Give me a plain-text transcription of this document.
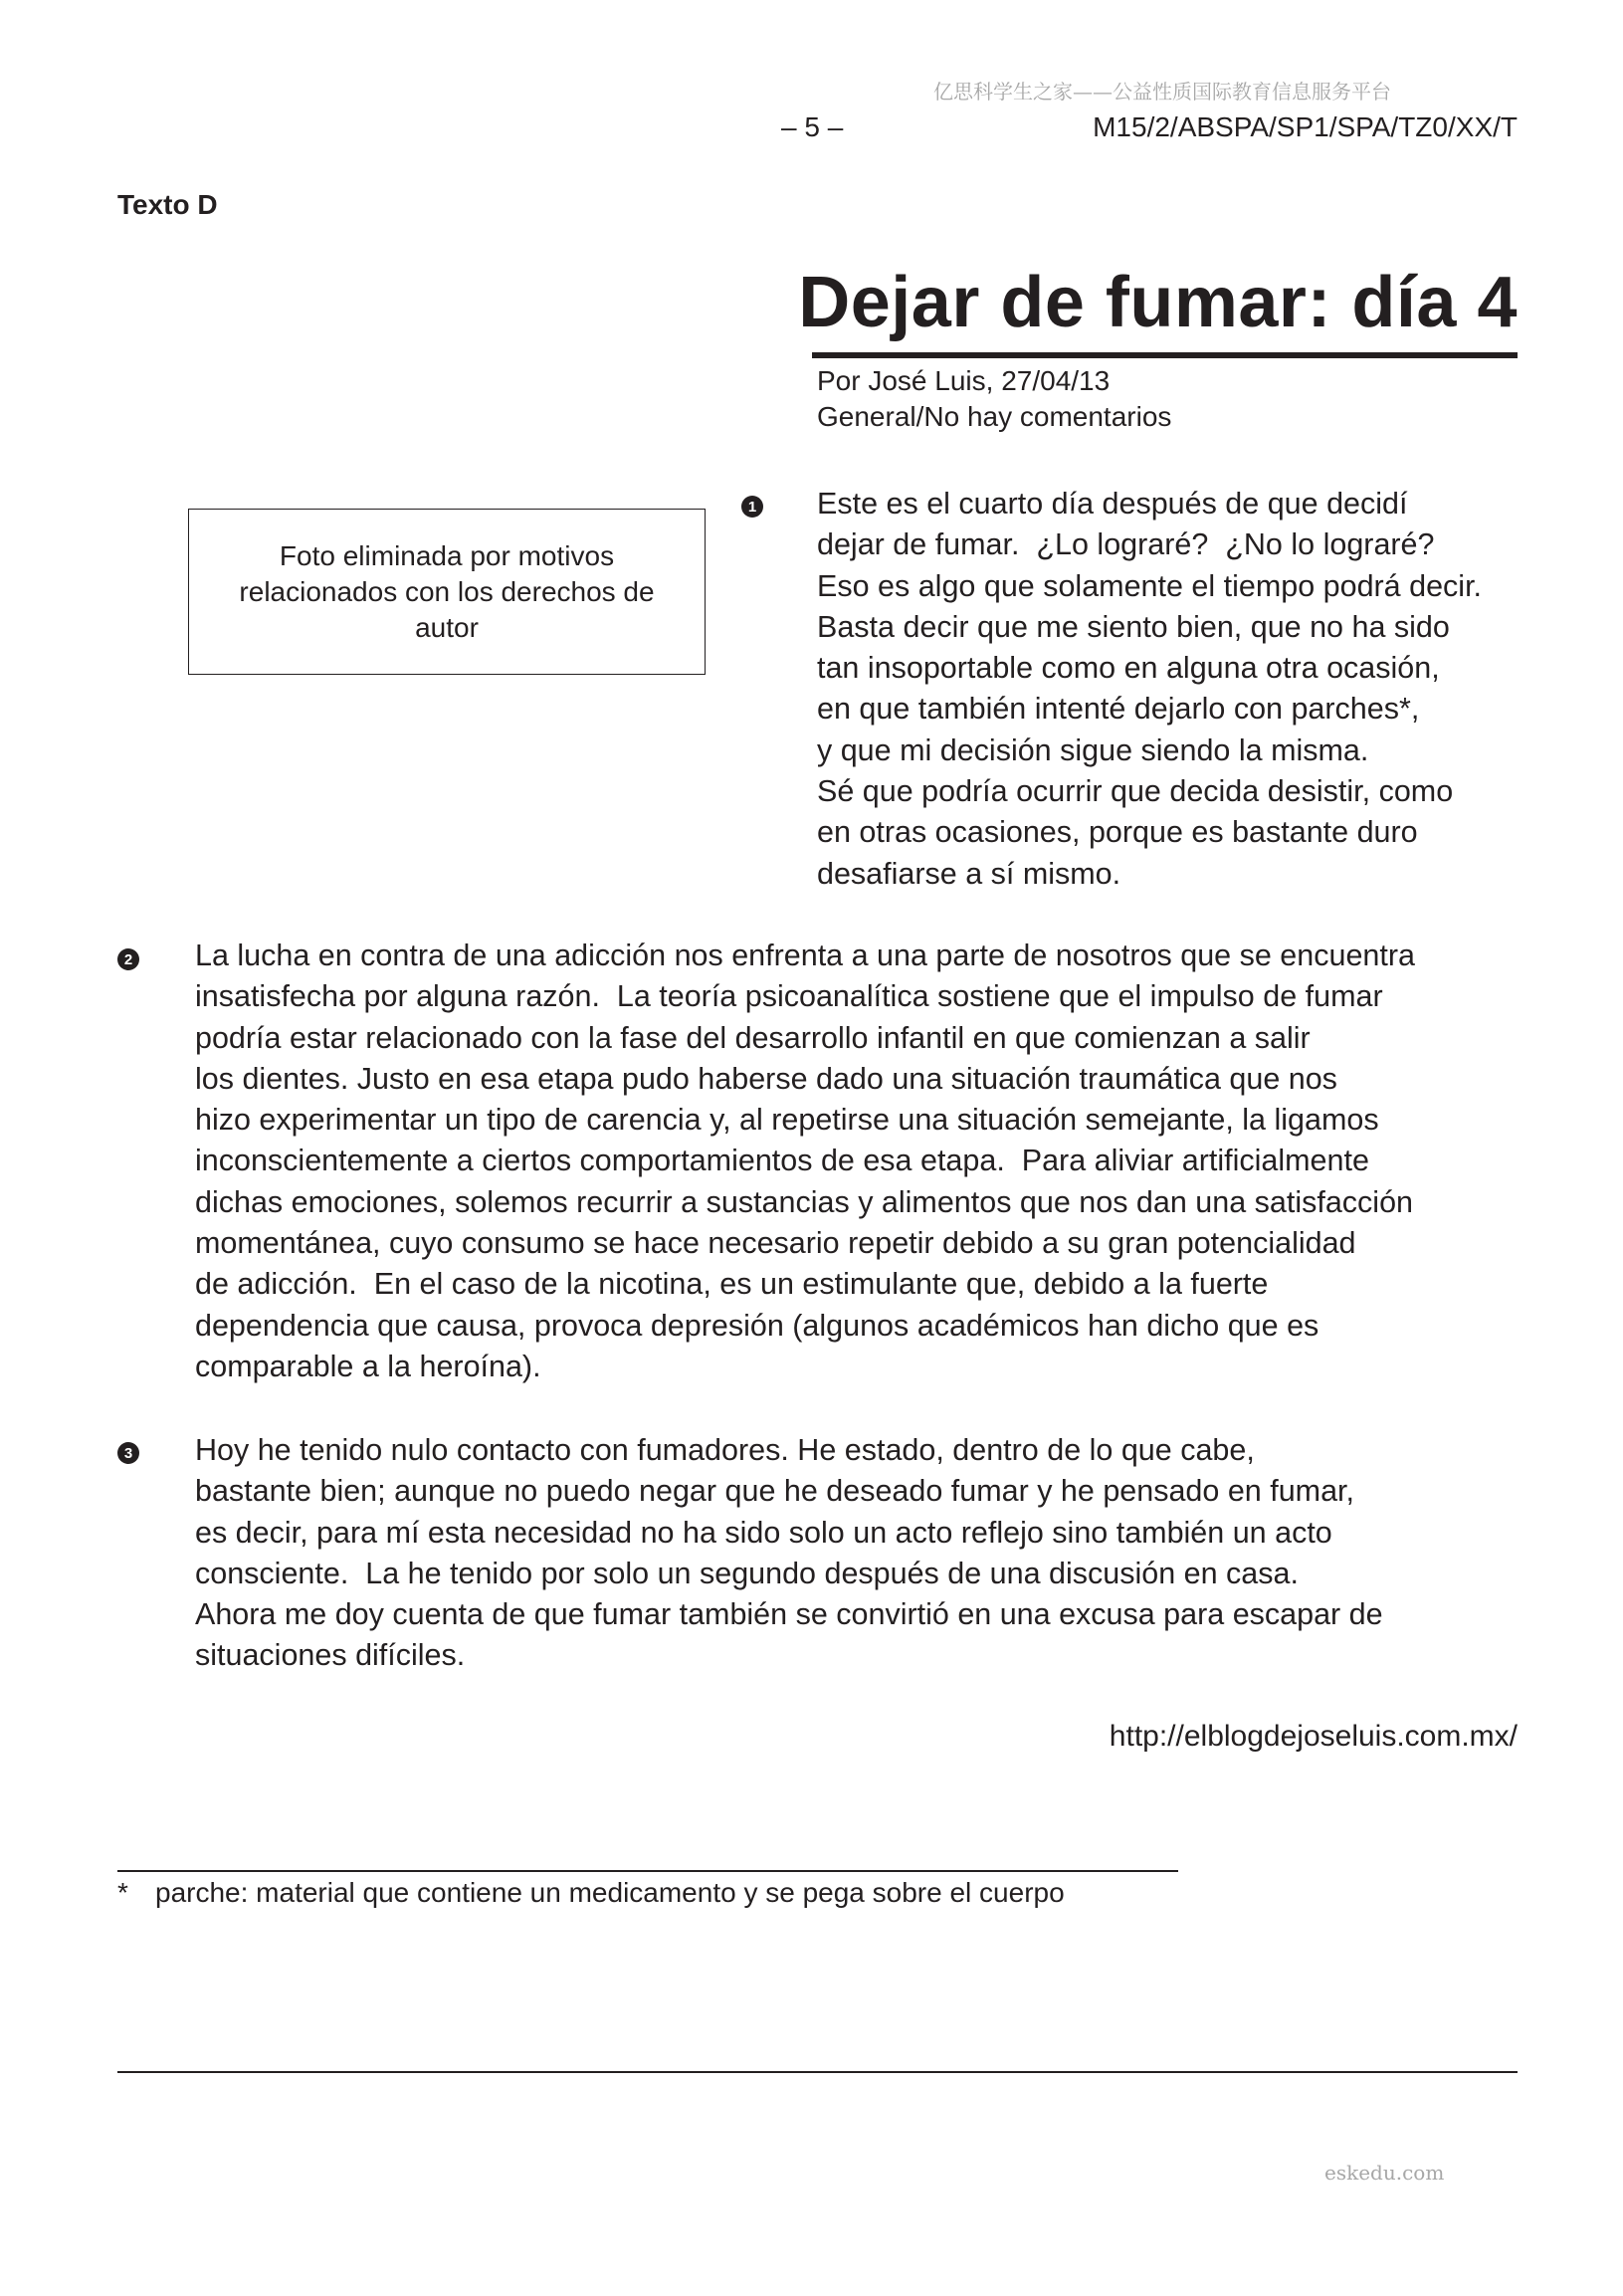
亿思科学生之家——公益性质国际教育信息服务平台
– 5 –	M15/2/ABSPA/SP1/SPA/TZ0/XX/T
Texto D
Dejar de fumar: día 4
Por José Luis, 27/04/13
General/No hay comentarios
Foto eliminada por motivos
relacionados con los derechos de
autor
1 Este es el cuarto día después de que decidí
dejar de fumar.  ¿Lo lograré?  ¿No lo lograré?
Eso es algo que solamente el tiempo podrá decir.
Basta decir que me siento bien, que no ha sido
tan insoportable como en alguna otra ocasión,
en que también intenté dejarlo con parches*,
y que mi decisión sigue siendo la misma.
Sé que podría ocurrir que decida desistir, como
en otras ocasiones, porque es bastante duro
desafiarse a sí mismo.
2 La lucha en contra de una adicción nos enfrenta a una parte de nosotros que se encuentra
insatisfecha por alguna razón.  La teoría psicoanalítica sostiene que el impulso de fumar
podría estar relacionado con la fase del desarrollo infantil en que comienzan a salir
los dientes. Justo en esa etapa pudo haberse dado una situación traumática que nos
hizo experimentar un tipo de carencia y, al repetirse una situación semejante, la ligamos
inconscientemente a ciertos comportamientos de esa etapa.  Para aliviar artificialmente
dichas emociones, solemos recurrir a sustancias y alimentos que nos dan una satisfacción
momentánea, cuyo consumo se hace necesario repetir debido a su gran potencialidad
de adicción.  En el caso de la nicotina, es un estimulante que, debido a la fuerte
dependencia que causa, provoca depresión (algunos académicos han dicho que es
comparable a la heroína).
3 Hoy he tenido nulo contacto con fumadores. He estado, dentro de lo que cabe,
bastante bien; aunque no puedo negar que he deseado fumar y he pensado en fumar,
es decir, para mí esta necesidad no ha sido solo un acto reflejo sino también un acto
consciente.  La he tenido por solo un segundo después de una discusión en casa.
Ahora me doy cuenta de que fumar también se convirtió en una excusa para escapar de
situaciones difíciles.
http://elblogdejoseluis.com.mx/
* parche: material que contiene un medicamento y se pega sobre el cuerpo
eskedu.com
